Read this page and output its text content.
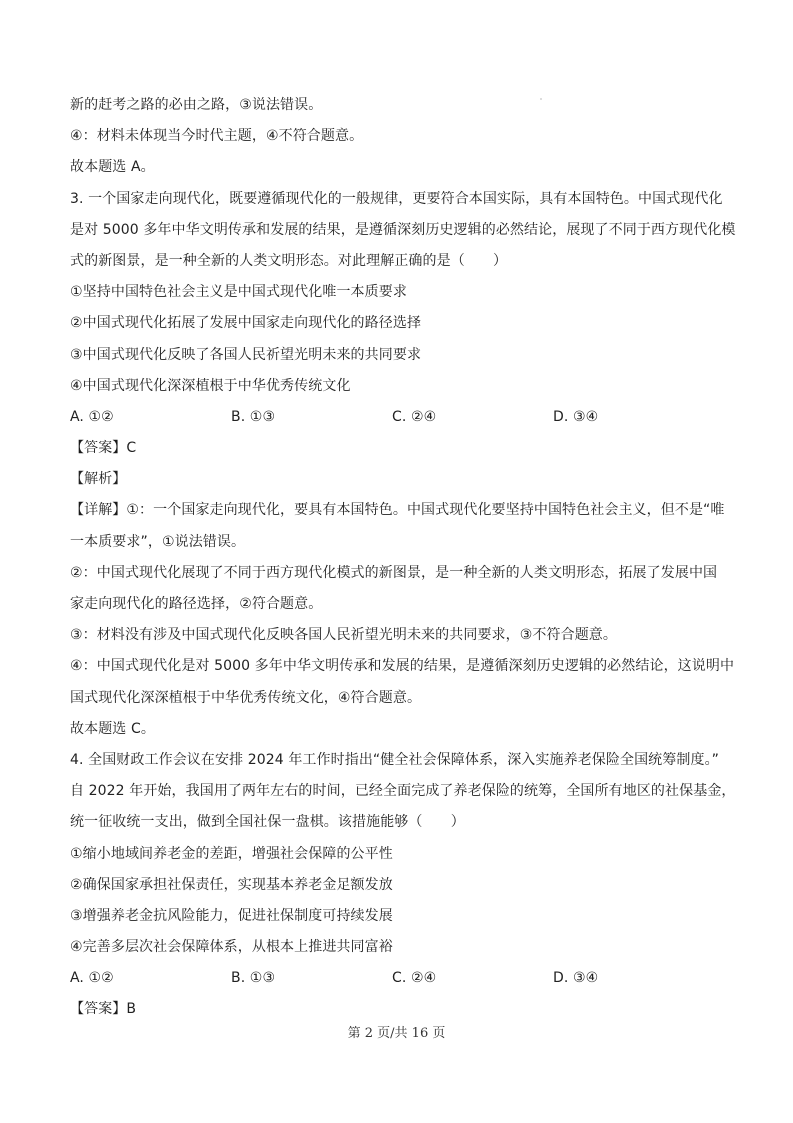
新的赶考之路的必由之路，③说法错误。
④：材料未体现当今时代主题，④不符合题意。
故本题选 A。
3. 一个国家走向现代化，既要遵循现代化的一般规律，更要符合本国实际，具有本国特色。中国式现代化
是对 5000 多年中华文明传承和发展的结果，是遵循深刻历史逻辑的必然结论，展现了不同于西方现代化模
式的新图景，是一种全新的人类文明形态。对此理解正确的是（　　）
①坚持中国特色社会主义是中国式现代化唯一本质要求
②中国式现代化拓展了发展中国家走向现代化的路径选择
③中国式现代化反映了各国人民祈望光明未来的共同要求
④中国式现代化深深植根于中华优秀传统文化
A. ①②	B. ①③	C. ②④	D. ③④
【答案】C
【解析】
【详解】①：一个国家走向现代化，要具有本国特色。中国式现代化要坚持中国特色社会主义，但不是“唯
一本质要求”，①说法错误。
②：中国式现代化展现了不同于西方现代化模式的新图景，是一种全新的人类文明形态，拓展了发展中国
家走向现代化的路径选择，②符合题意。
③：材料没有涉及中国式现代化反映各国人民祈望光明未来的共同要求，③不符合题意。
④：中国式现代化是对 5000 多年中华文明传承和发展的结果，是遵循深刻历史逻辑的必然结论，这说明中
国式现代化深深植根于中华优秀传统文化，④符合题意。
故本题选 C。
4. 全国财政工作会议在安排 2024 年工作时指出“健全社会保障体系，深入实施养老保险全国统筹制度。”
自 2022 年开始，我国用了两年左右的时间，已经全面完成了养老保险的统筹，全国所有地区的社保基金，
统一征收统一支出，做到全国社保一盘棋。该措施能够（　　）
①缩小地域间养老金的差距，增强社会保障的公平性
②确保国家承担社保责任，实现基本养老金足额发放
③增强养老金抗风险能力，促进社保制度可持续发展
④完善多层次社会保障体系，从根本上推进共同富裕
A. ①②	B. ①③	C. ②④	D. ③④
【答案】B
第 2 页/共 16 页
